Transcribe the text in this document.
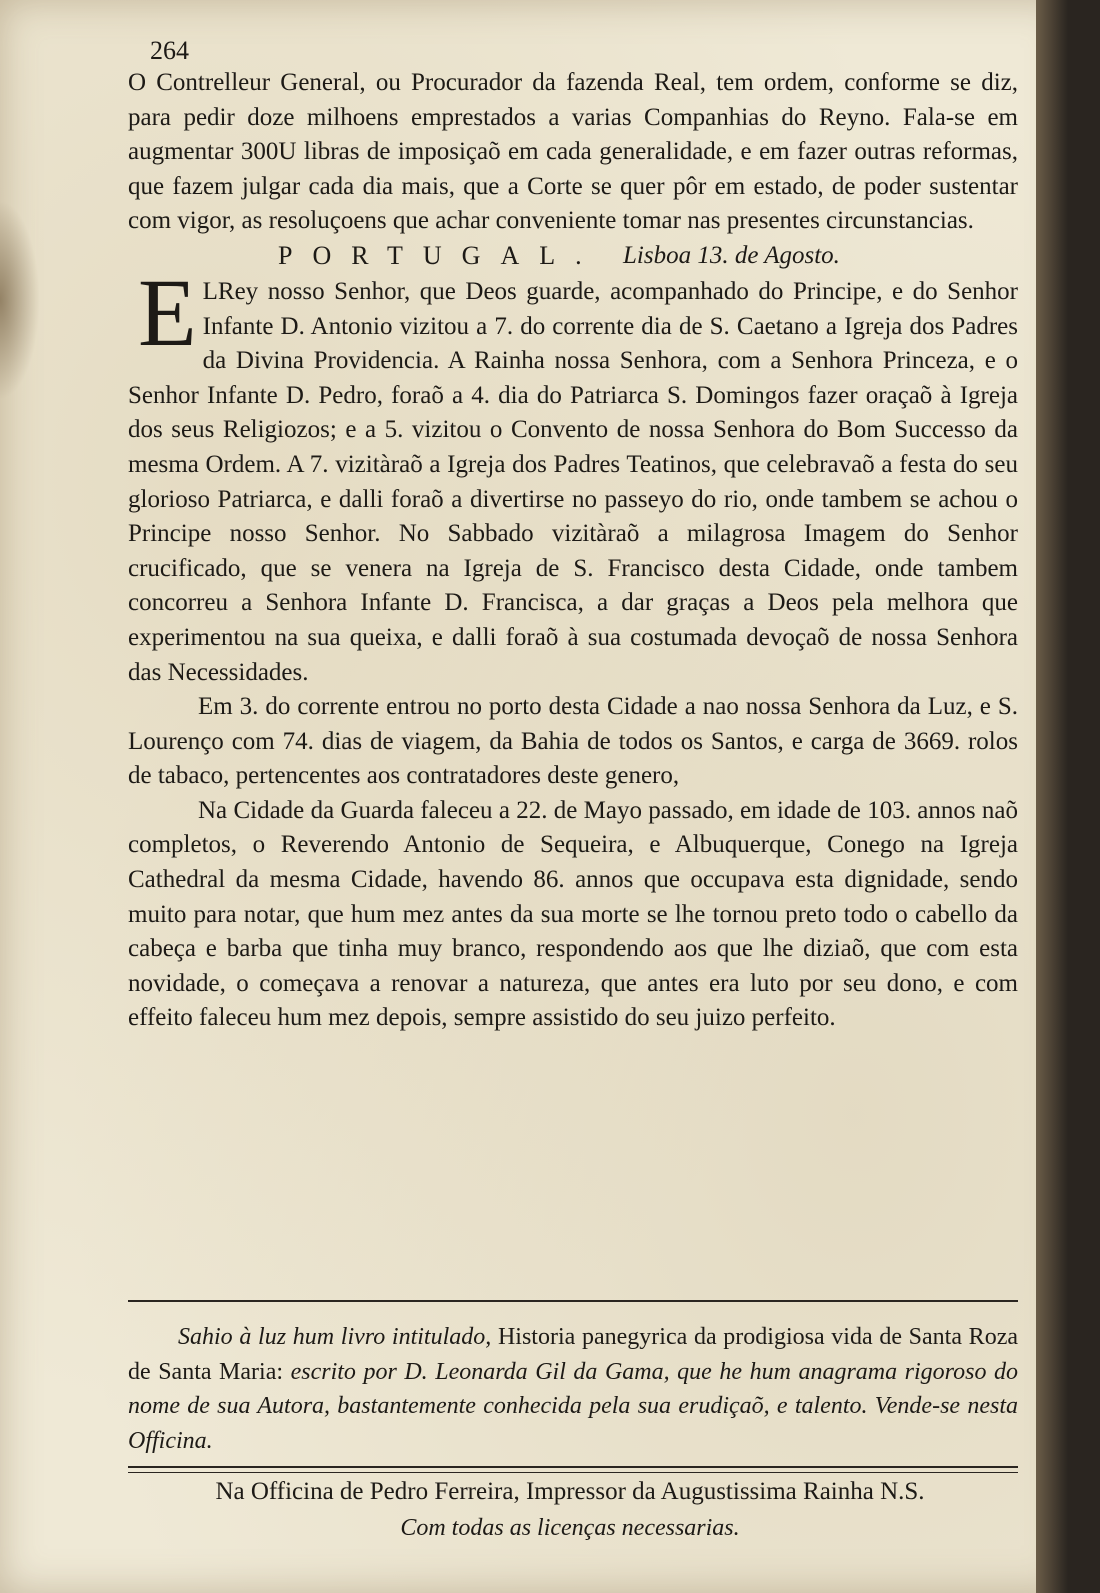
264

O Contrelleur General, ou Procurador da fazenda Real, tem ordem, conforme se diz, para pedir doze milhoens emprestados a varias Companhias do Reyno. Fala-se em augmentar 300U libras de imposiçaõ em cada generalidade, e em fazer outras reformas, que fazem julgar cada dia mais, que a Corte se quer pôr em estado, de poder sustentar com vigor, as resoluçoens que achar conveniente tomar nas presentes circunstancias.

PORTUGAL. Lisboa 13. de Agosto.

E LRey nosso Senhor, que Deos guarde, acompanhado do Principe, e do Senhor Infante D. Antonio vizitou a 7. do corrente dia de S. Caetano a Igreja dos Padres da Divina Providencia. A Rainha nossa Senhora, com a Senhora Princeza, e o Senhor Infante D. Pedro, foraõ a 4. dia do Patriarca S. Domingos fazer oraçaõ à Igreja dos seus Religiozos; e a 5. vizitou o Convento de nossa Senhora do Bom Successo da mesma Ordem. A 7. vizitàraõ a Igreja dos Padres Teatinos, que celebravaõ a festa do seu glorioso Patriarca, e dalli foraõ a divertirse no passeyo do rio, onde tambem se achou o Principe nosso Senhor. No Sabbado vizitàraõ a milagrosa Imagem do Senhor crucificado, que se venera na Igreja de S. Francisco desta Cidade, onde tambem concorreu a Senhora Infante D. Francisca, a dar graças a Deos pela melhora que experimentou na sua queixa, e dalli foraõ à sua costumada devoçaõ de nossa Senhora das Necessidades.

Em 3. do corrente entrou no porto desta Cidade a nao nossa Senhora da Luz, e S. Lourenço com 74. dias de viagem, da Bahia de todos os Santos, e carga de 3669. rolos de tabaco, pertencentes aos contratadores deste genero,

Na Cidade da Guarda faleceu a 22. de Mayo passado, em idade de 103. annos naõ completos, o Reverendo Antonio de Sequeira, e Albuquerque, Conego na Igreja Cathedral da mesma Cidade, havendo 86. annos que occupava esta dignidade, sendo muito para notar, que hum mez antes da sua morte se lhe tornou preto todo o cabello da cabeça e barba que tinha muy branco, respondendo aos que lhe diziaõ, que com esta novidade, o começava a renovar a natureza, que antes era luto por seu dono, e com effeito faleceu hum mez depois, sempre assistido do seu juizo perfeito.

Sahio à luz hum livro intitulado, Historia panegyrica da prodigiosa vida de Santa Roza de Santa Maria: escrito por D. Leonarda Gil da Gama, que he hum anagrama rigoroso do nome de sua Autora, bastantemente conhecida pela sua erudiçaõ, e talento. Vende-se nesta Officina.
Na Officina de Pedro Ferreira, Impressor da Augustissima Rainha N.S.
Com todas as licenças necessarias.
